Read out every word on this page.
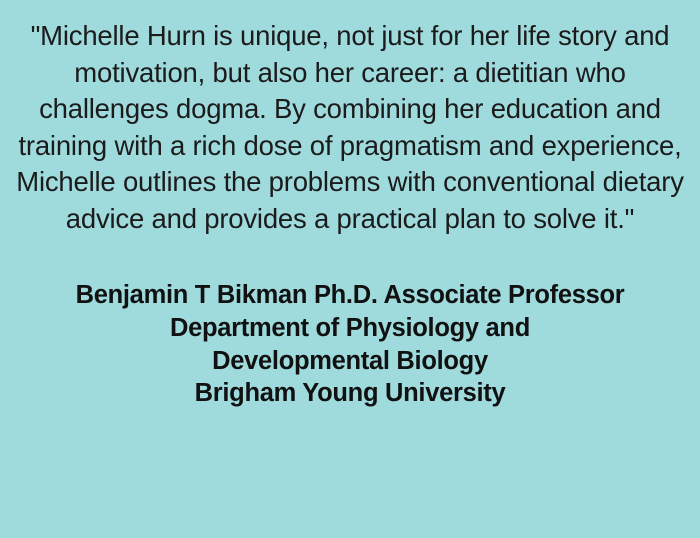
"Michelle Hurn is unique, not just for her life story and motivation, but also her career: a dietitian who challenges dogma. By combining her education and training with a rich dose of pragmatism and experience, Michelle outlines the problems with conventional dietary advice and provides a practical plan to solve it."

Benjamin T Bikman Ph.D. Associate Professor
Department of Physiology and
Developmental Biology
Brigham Young University
